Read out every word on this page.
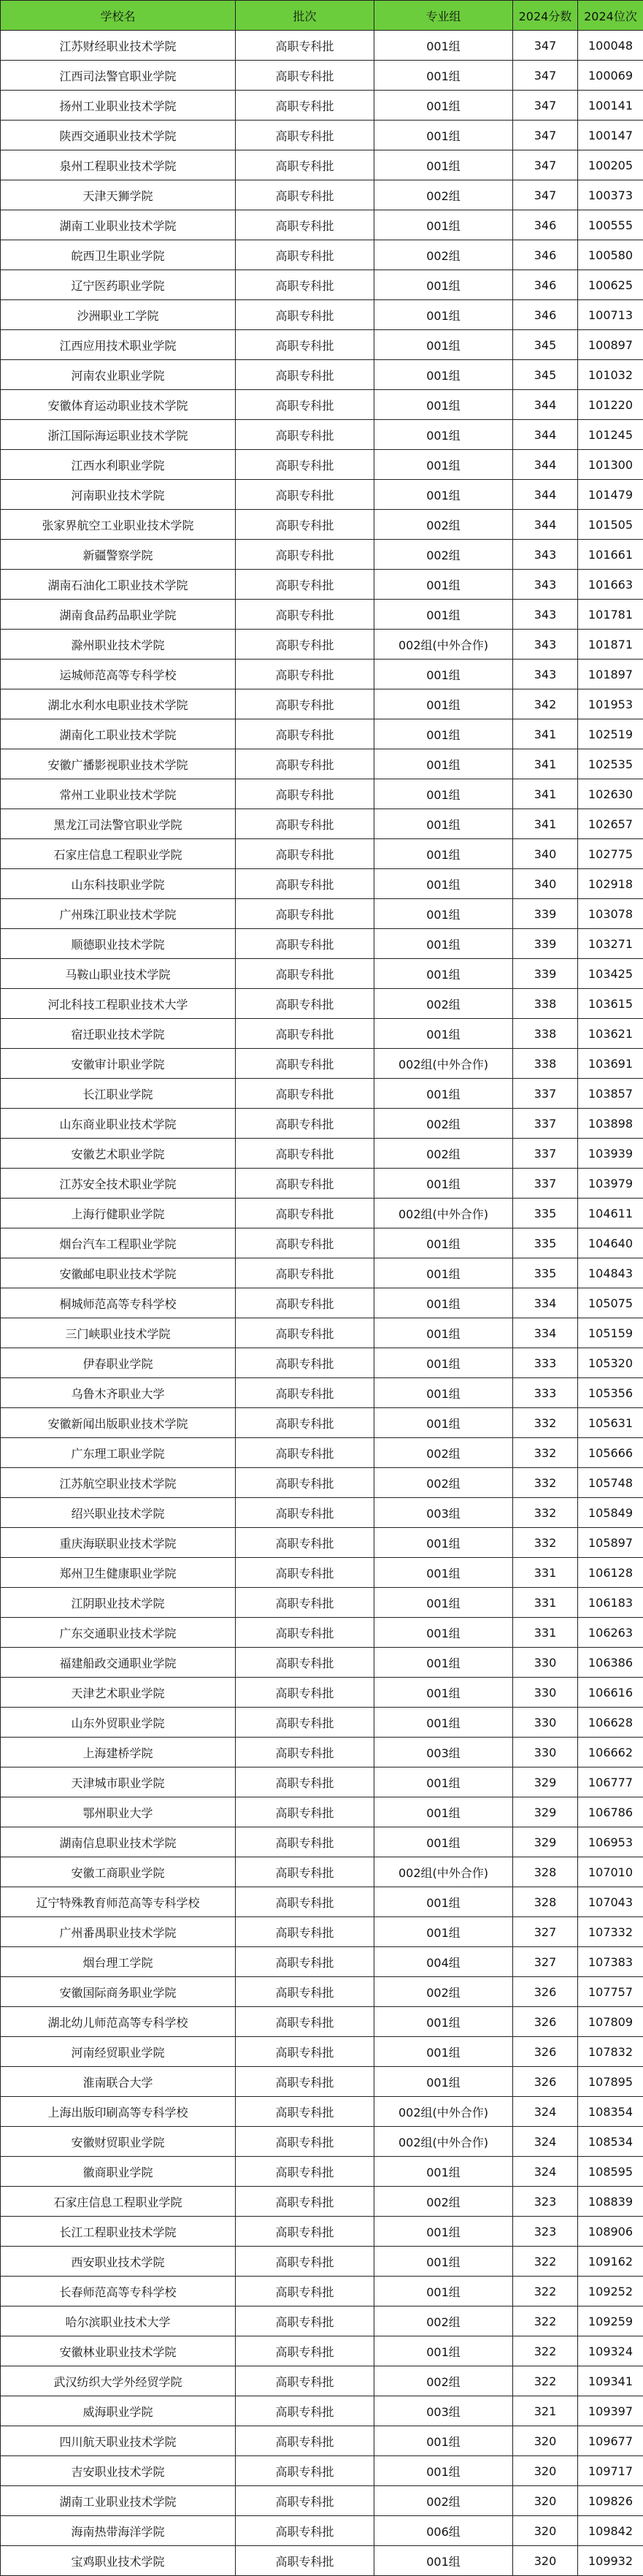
学校名	批次	专业组	2024分数	2024位次
江苏财经职业技术学院	高职专科批	001组	347	100048
江西司法警官职业学院	高职专科批	001组	347	100069
扬州工业职业技术学院	高职专科批	001组	347	100141
陕西交通职业技术学院	高职专科批	001组	347	100147
泉州工程职业技术学院	高职专科批	001组	347	100205
天津天狮学院	高职专科批	002组	347	100373
湖南工业职业技术学院	高职专科批	001组	346	100555
皖西卫生职业学院	高职专科批	002组	346	100580
辽宁医药职业学院	高职专科批	001组	346	100625
沙洲职业工学院	高职专科批	001组	346	100713
江西应用技术职业学院	高职专科批	001组	345	100897
河南农业职业学院	高职专科批	001组	345	101032
安徽体育运动职业技术学院	高职专科批	001组	344	101220
浙江国际海运职业技术学院	高职专科批	001组	344	101245
江西水利职业学院	高职专科批	001组	344	101300
河南职业技术学院	高职专科批	001组	344	101479
张家界航空工业职业技术学院	高职专科批	002组	344	101505
新疆警察学院	高职专科批	002组	343	101661
湖南石油化工职业技术学院	高职专科批	001组	343	101663
湖南食品药品职业学院	高职专科批	001组	343	101781
滁州职业技术学院	高职专科批	002组(中外合作)	343	101871
运城师范高等专科学校	高职专科批	001组	343	101897
湖北水利水电职业技术学院	高职专科批	001组	342	101953
湖南化工职业技术学院	高职专科批	001组	341	102519
安徽广播影视职业技术学院	高职专科批	001组	341	102535
常州工业职业技术学院	高职专科批	001组	341	102630
黑龙江司法警官职业学院	高职专科批	001组	341	102657
石家庄信息工程职业学院	高职专科批	001组	340	102775
山东科技职业学院	高职专科批	001组	340	102918
广州珠江职业技术学院	高职专科批	001组	339	103078
顺德职业技术学院	高职专科批	001组	339	103271
马鞍山职业技术学院	高职专科批	001组	339	103425
河北科技工程职业技术大学	高职专科批	002组	338	103615
宿迁职业技术学院	高职专科批	001组	338	103621
安徽审计职业学院	高职专科批	002组(中外合作)	338	103691
长江职业学院	高职专科批	001组	337	103857
山东商业职业技术学院	高职专科批	002组	337	103898
安徽艺术职业学院	高职专科批	002组	337	103939
江苏安全技术职业学院	高职专科批	001组	337	103979
上海行健职业学院	高职专科批	002组(中外合作)	335	104611
烟台汽车工程职业学院	高职专科批	001组	335	104640
安徽邮电职业技术学院	高职专科批	001组	335	104843
桐城师范高等专科学校	高职专科批	001组	334	105075
三门峡职业技术学院	高职专科批	001组	334	105159
伊春职业学院	高职专科批	001组	333	105320
乌鲁木齐职业大学	高职专科批	001组	333	105356
安徽新闻出版职业技术学院	高职专科批	001组	332	105631
广东理工职业学院	高职专科批	002组	332	105666
江苏航空职业技术学院	高职专科批	002组	332	105748
绍兴职业技术学院	高职专科批	003组	332	105849
重庆海联职业技术学院	高职专科批	001组	332	105897
郑州卫生健康职业学院	高职专科批	001组	331	106128
江阴职业技术学院	高职专科批	001组	331	106183
广东交通职业技术学院	高职专科批	001组	331	106263
福建船政交通职业学院	高职专科批	001组	330	106386
天津艺术职业学院	高职专科批	001组	330	106616
山东外贸职业学院	高职专科批	001组	330	106628
上海建桥学院	高职专科批	003组	330	106662
天津城市职业学院	高职专科批	001组	329	106777
鄂州职业大学	高职专科批	001组	329	106786
湖南信息职业技术学院	高职专科批	001组	329	106953
安徽工商职业学院	高职专科批	002组(中外合作)	328	107010
辽宁特殊教育师范高等专科学校	高职专科批	001组	328	107043
广州番禺职业技术学院	高职专科批	001组	327	107332
烟台理工学院	高职专科批	004组	327	107383
安徽国际商务职业学院	高职专科批	002组	326	107757
湖北幼儿师范高等专科学校	高职专科批	001组	326	107809
河南经贸职业学院	高职专科批	001组	326	107832
淮南联合大学	高职专科批	001组	326	107895
上海出版印刷高等专科学校	高职专科批	002组(中外合作)	324	108354
安徽财贸职业学院	高职专科批	002组(中外合作)	324	108534
徽商职业学院	高职专科批	001组	324	108595
石家庄信息工程职业学院	高职专科批	002组	323	108839
长江工程职业技术学院	高职专科批	001组	323	108906
西安职业技术学院	高职专科批	001组	322	109162
长春师范高等专科学校	高职专科批	001组	322	109252
哈尔滨职业技术大学	高职专科批	002组	322	109259
安徽林业职业技术学院	高职专科批	001组	322	109324
武汉纺织大学外经贸学院	高职专科批	002组	322	109341
威海职业学院	高职专科批	003组	321	109397
四川航天职业技术学院	高职专科批	001组	320	109677
吉安职业技术学院	高职专科批	001组	320	109717
湖南工业职业技术学院	高职专科批	002组	320	109826
海南热带海洋学院	高职专科批	006组	320	109842
宝鸡职业技术学院	高职专科批	001组	320	109932
